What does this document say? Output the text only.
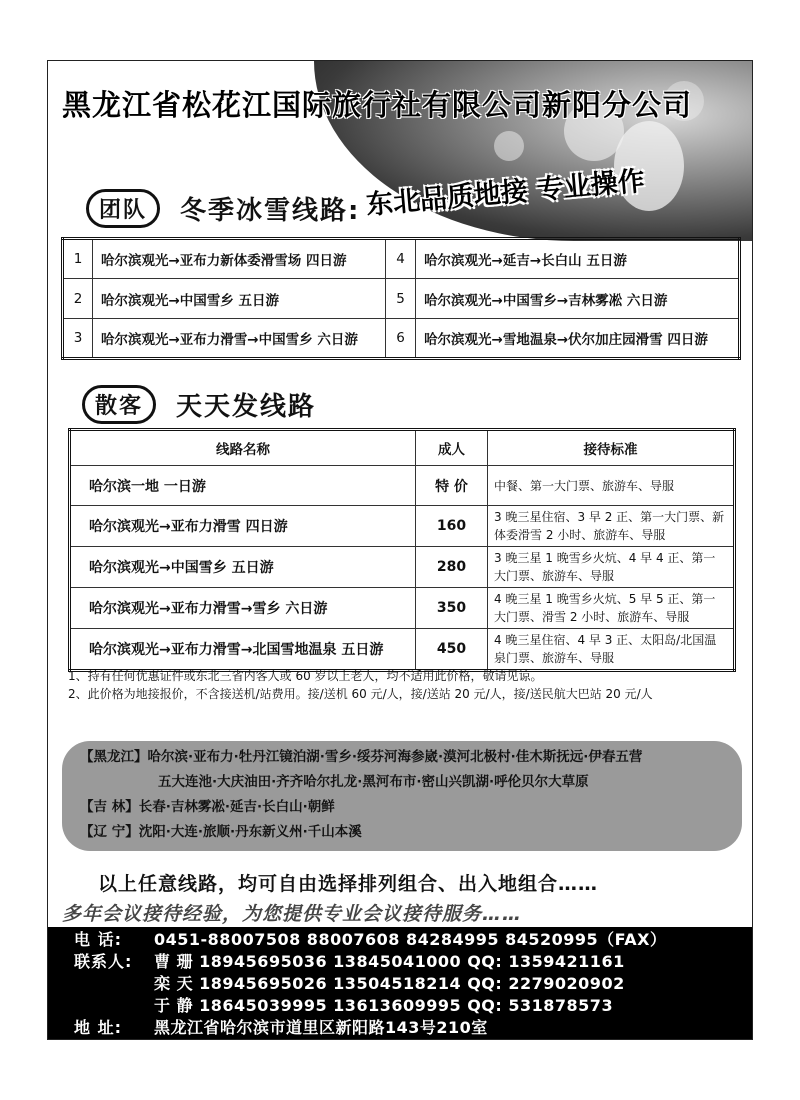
黑龙江省松花江国际旅行社有限公司新阳分公司
东北品质地接 专业操作
团队	冬季冰雪线路:
1	哈尔滨观光→亚布力新体委滑雪场 四日游	4	哈尔滨观光→延吉→长白山 五日游
2	哈尔滨观光→中国雪乡 五日游	5	哈尔滨观光→中国雪乡→吉林雾凇 六日游
3	哈尔滨观光→亚布力滑雪→中国雪乡 六日游	6	哈尔滨观光→雪地温泉→伏尔加庄园滑雪 四日游
散客	天天发线路
线路名称	成人	接待标准
哈尔滨一地 一日游	特 价	中餐、第一大门票、旅游车、导服
哈尔滨观光→亚布力滑雪 四日游	160	3 晚三星住宿、3 早 2 正、第一大门票、新体委滑雪 2 小时、旅游车、导服
哈尔滨观光→中国雪乡 五日游	280	3 晚三星 1 晚雪乡火炕、4 早 4 正、第一大门票、旅游车、导服
哈尔滨观光→亚布力滑雪→雪乡 六日游	350	4 晚三星 1 晚雪乡火炕、5 早 5 正、第一大门票、滑雪 2 小时、旅游车、导服
哈尔滨观光→亚布力滑雪→北国雪地温泉 五日游	450	4 晚三星住宿、4 早 3 正、太阳岛/北国温泉门票、旅游车、导服
1、持有任何优惠证件或东北三省内客人或 60 岁以上老人，均不适用此价格，敬请见谅。
2、此价格为地接报价，不含接送机/站费用。接/送机 60 元/人，接/送站 20 元/人，接/送民航大巴站 20 元/人
【黑龙江】哈尔滨·亚布力·牡丹江镜泊湖·雪乡·绥芬河海参崴·漠河北极村·佳木斯抚远·伊春五营
五大连池·大庆油田·齐齐哈尔扎龙·黑河布市·密山兴凯湖·呼伦贝尔大草原
【吉 林】长春·吉林雾凇·延吉·长白山·朝鲜
【辽 宁】沈阳·大连·旅顺·丹东新义州·千山本溪
以上任意线路，均可自由选择排列组合、出入地组合……
多年会议接待经验，为您提供专业会议接待服务……
电 话:	0451-88007508 88007608 84284995 84520995（FAX）
联系人:	曹 珊 18945695036 13845041000 QQ: 1359421161
栾 天 18945695026 13504518214 QQ: 2279020902
于 静 18645039995 13613609995 QQ: 531878573
地 址:	黑龙江省哈尔滨市道里区新阳路143号210室
